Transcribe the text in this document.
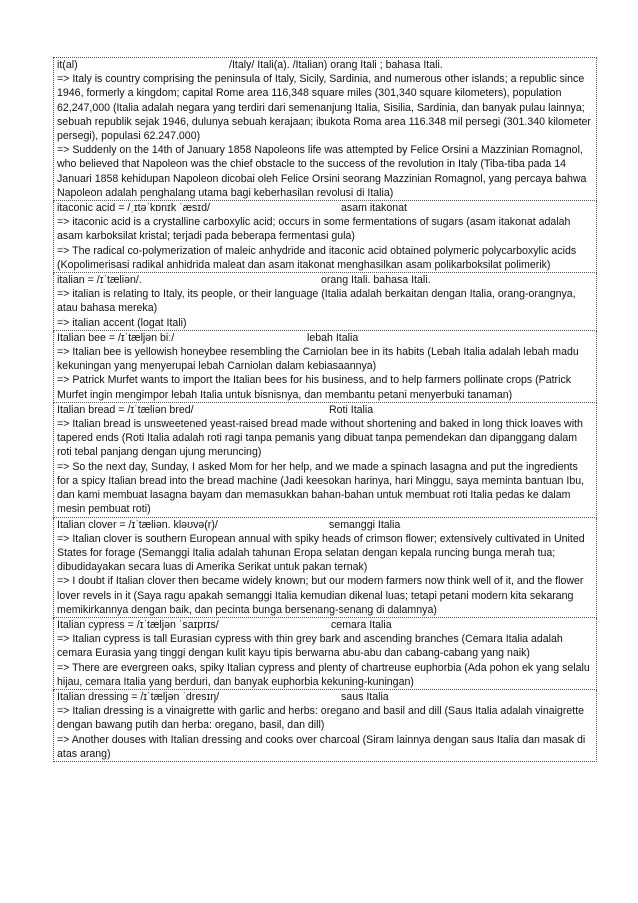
it(al)	/Italy/ Itali(a). /Italian) orang Itali ; bahasa Itali.
=> Italy is country comprising the peninsula of Italy, Sicily, Sardinia, and numerous other islands; a republic since 1946, formerly a kingdom; capital Rome area 116,348 square miles (301,340 square kilometers), population 62,247,000 (Italia adalah negara yang terdiri dari semenanjung Italia, Sisilia, Sardinia, dan banyak pulau lainnya; sebuah republik sejak 1946, dulunya sebuah kerajaan; ibukota Roma area 116.348 mil persegi (301.340 kilometer persegi), populasi 62.247.000)
=> Suddenly on the 14th of January 1858 Napoleons life was attempted by Felice Orsini a Mazzinian Romagnol, who believed that Napoleon was the chief obstacle to the success of the revolution in Italy (Tiba-tiba pada 14 Januari 1858 kehidupan Napoleon dicobai oleh Felice Orsini seorang Mazzinian Romagnol, yang percaya bahwa Napoleon adalah penghalang utama bagi keberhasilan revolusi di Italia)
itaconic acid = /ˌɪtəˈkɒnɪk ˈæsɪd/	asam itakonat
=> itaconic acid is a crystalline carboxylic acid; occurs in some fermentations of sugars (asam itakonat adalah asam karboksilat kristal; terjadi pada beberapa fermentasi gula)
=> The radical co-polymerization of maleic anhydride and itaconic acid obtained polymeric polycarboxylic acids (Kopolimerisasi radikal anhidrida maleat dan asam itakonat menghasilkan asam polikarboksilat polimerik)
italian = /ɪˈtæliən/.	orang Itali. bahasa Itali.
=> italian is relating to Italy, its people, or their language (Italia adalah berkaitan dengan Italia, orang-orangnya, atau bahasa mereka)
=> italian accent (logat Itali)
Italian bee = /ɪˈtæljən biː/	lebah Italia
=> Italian bee is yellowish honeybee resembling the Carniolan bee in its habits (Lebah Italia adalah lebah madu kekuningan yang menyerupai lebah Carniolan dalam kebiasaannya)
=> Patrick Murfet wants to import the Italian bees for his business, and to help farmers pollinate crops (Patrick Murfet ingin mengimpor lebah Italia untuk bisnisnya, dan membantu petani menyerbuki tanaman)
Italian bread = /ɪˈtæliən bred/	Roti Italia
=> Italian bread is unsweetened yeast-raised bread made without shortening and baked in long thick loaves with tapered ends (Roti Italia adalah roti ragi tanpa pemanis yang dibuat tanpa pemendekan dan dipanggang dalam roti tebal panjang dengan ujung meruncing)
=> So the next day, Sunday, I asked Mom for her help, and we made a spinach lasagna and put the ingredients for a spicy Italian bread into the bread machine (Jadi keesokan harinya, hari Minggu, saya meminta bantuan Ibu, dan kami membuat lasagna bayam dan memasukkan bahan-bahan untuk membuat roti Italia pedas ke dalam mesin pembuat roti)
Italian clover = /ɪˈtæliən. kləʊvə(r)/	semanggi Italia
=> Italian clover is southern European annual with spiky heads of crimson flower; extensively cultivated in United States for forage (Semanggi Italia adalah tahunan Eropa selatan dengan kepala runcing bunga merah tua; dibudidayakan secara luas di Amerika Serikat untuk pakan ternak)
=> I doubt if Italian clover then became widely known; but our modern farmers now think well of it, and the flower lover revels in it (Saya ragu apakah semanggi Italia kemudian dikenal luas; tetapi petani modern kita sekarang memikirkannya dengan baik, dan pecinta bunga bersenang-senang di dalamnya)
Italian cypress = /ɪˈtæljən ˈsaɪprɪs/	cemara Italia
=> Italian cypress is tall Eurasian cypress with thin grey bark and ascending branches (Cemara Italia adalah cemara Eurasia yang tinggi dengan kulit kayu tipis berwarna abu-abu dan cabang-cabang yang naik)
=> There are evergreen oaks, spiky Italian cypress and plenty of chartreuse euphorbia (Ada pohon ek yang selalu hijau, cemara Italia yang berduri, dan banyak euphorbia kekuning-kuningan)
Italian dressing = /ɪˈtæljən ˈdresɪŋ/	saus Italia
=> Italian dressing is a vinaigrette with garlic and herbs: oregano and basil and dill (Saus Italia adalah vinaigrette dengan bawang putih dan herba: oregano, basil, dan dill)
=> Another douses with Italian dressing and cooks over charcoal (Siram lainnya dengan saus Italia dan masak di atas arang)
